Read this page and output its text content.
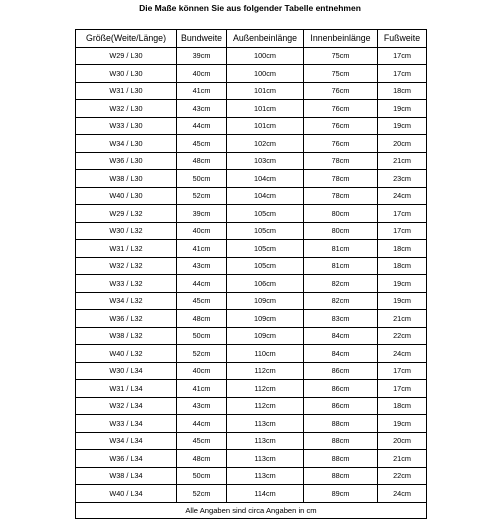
Die Maße können Sie aus folgender Tabelle entnehmen
Größe(Weite/Länge)	Bundweite	Außenbeinlänge	Innenbeinlänge	Fußweite
W29 / L30	39cm	100cm	75cm	17cm
W30 / L30	40cm	100cm	75cm	17cm
W31 / L30	41cm	101cm	76cm	18cm
W32 / L30	43cm	101cm	76cm	19cm
W33 / L30	44cm	101cm	76cm	19cm
W34 / L30	45cm	102cm	76cm	20cm
W36 / L30	48cm	103cm	78cm	21cm
W38 / L30	50cm	104cm	78cm	23cm
W40 / L30	52cm	104cm	78cm	24cm
W29 / L32	39cm	105cm	80cm	17cm
W30 / L32	40cm	105cm	80cm	17cm
W31 / L32	41cm	105cm	81cm	18cm
W32 / L32	43cm	105cm	81cm	18cm
W33 / L32	44cm	106cm	82cm	19cm
W34 / L32	45cm	109cm	82cm	19cm
W36 / L32	48cm	109cm	83cm	21cm
W38 / L32	50cm	109cm	84cm	22cm
W40 / L32	52cm	110cm	84cm	24cm
W30 / L34	40cm	112cm	86cm	17cm
W31 / L34	41cm	112cm	86cm	17cm
W32 / L34	43cm	112cm	86cm	18cm
W33 / L34	44cm	113cm	88cm	19cm
W34 / L34	45cm	113cm	88cm	20cm
W36 / L34	48cm	113cm	88cm	21cm
W38 / L34	50cm	113cm	88cm	22cm
W40 / L34	52cm	114cm	89cm	24cm
Alle Angaben sind circa Angaben in cm				
